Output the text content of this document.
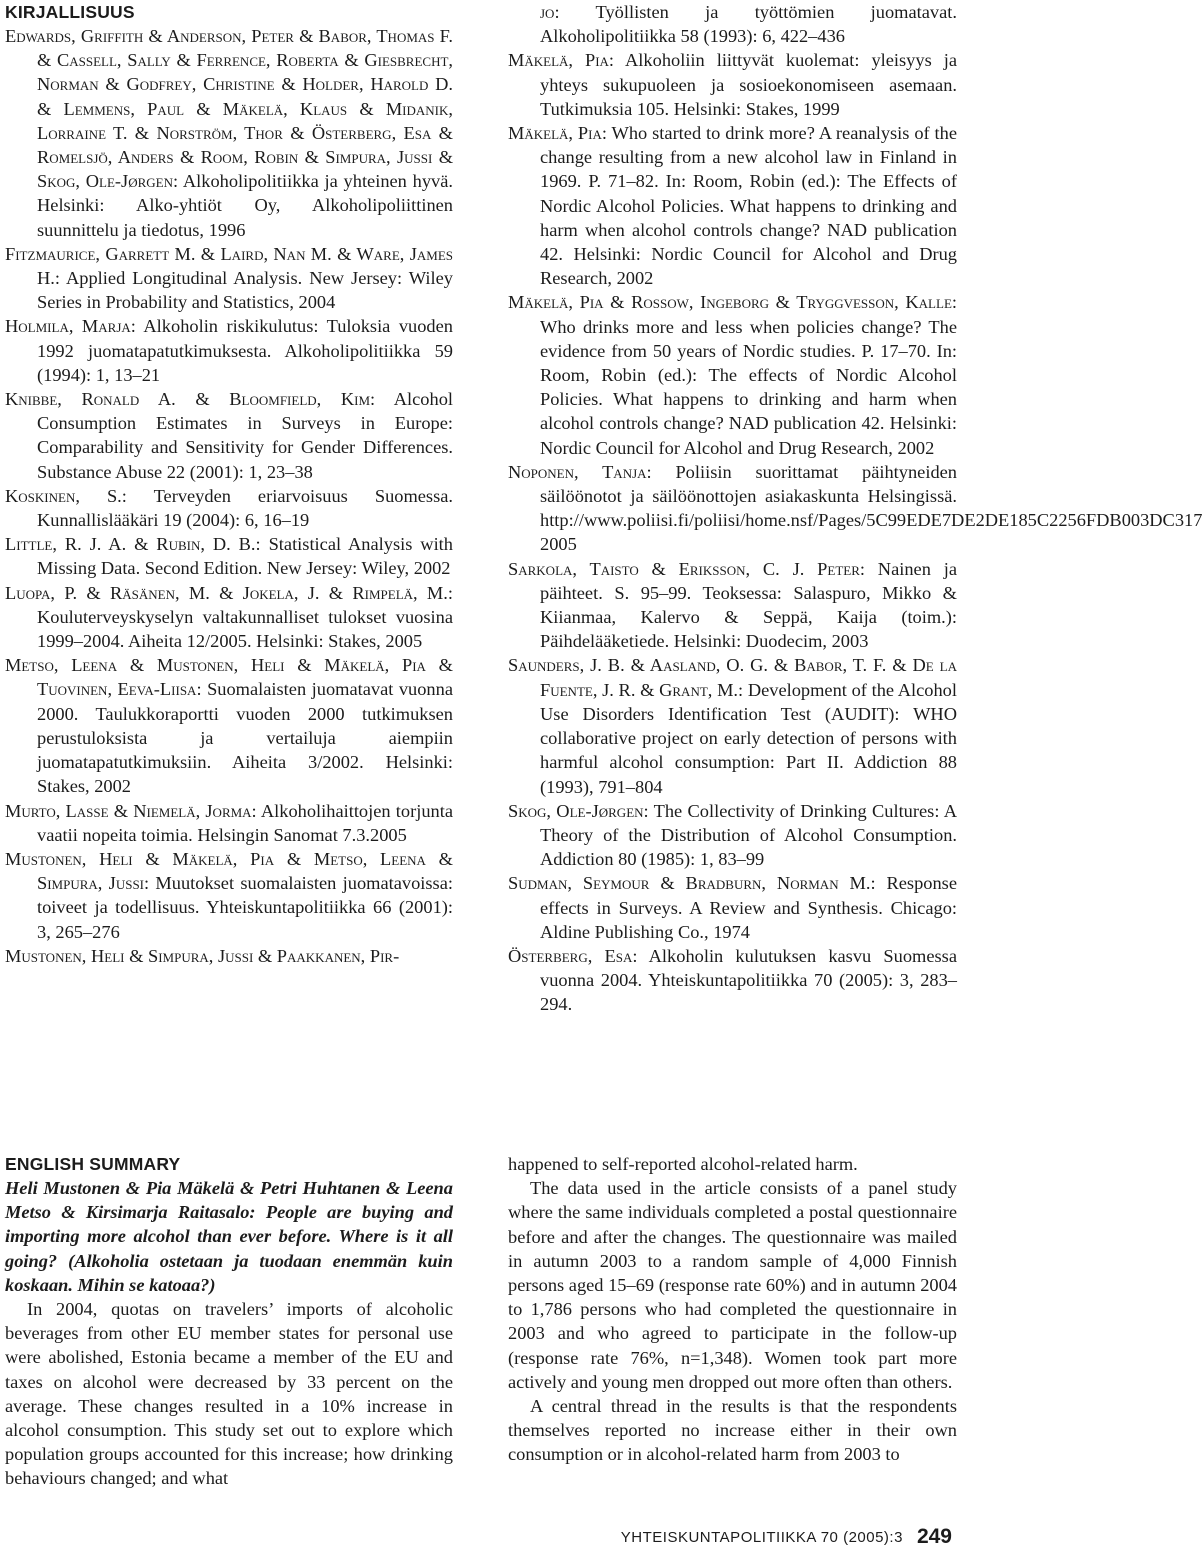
KIRJALLISUUS

Edwards, Griffith & Anderson, Peter & Babor, Thomas F. & Cassell, Sally & Ferrence, Roberta & Giesbrecht, Norman & Godfrey, Christine & Holder, Harold D. & Lemmens, Paul & Mäkelä, Klaus & Midanik, Lorraine T. & Norström, Thor & Österberg, Esa & Romelsjö, Anders & Room, Robin & Simpura, Jussi & Skog, Ole-Jørgen: Alkoholipolitiikka ja yhteinen hyvä. Helsinki: Alko-yhtiöt Oy, Alkoholipoliittinen suunnittelu ja tiedotus, 1996

Fitzmaurice, Garrett M. & Laird, Nan M. & Ware, James H.: Applied Longitudinal Analysis. New Jersey: Wiley Series in Probability and Statistics, 2004

Holmila, Marja: Alkoholin riskikulutus: Tuloksia vuoden 1992 juomatapatutkimuksesta. Alkoholipolitiikka 59 (1994): 1, 13–21

Knibbe, Ronald A. & Bloomfield, Kim: Alcohol Consumption Estimates in Surveys in Europe: Comparability and Sensitivity for Gender Differences. Substance Abuse 22 (2001): 1, 23–38

Koskinen, S.: Terveyden eriarvoisuus Suomessa. Kunnallislääkäri 19 (2004): 6, 16–19

Little, R. J. A. & Rubin, D. B.: Statistical Analysis with Missing Data. Second Edition. New Jersey: Wiley, 2002

Luopa, P. & Räsänen, M. & Jokela, J. & Rimpelä, M.: Kouluterveyskyselyn valtakunnalliset tulokset vuosina 1999–2004. Aiheita 12/2005. Helsinki: Stakes, 2005

Metso, Leena & Mustonen, Heli & Mäkelä, Pia & Tuovinen, Eeva-Liisa: Suomalaisten juomatavat vuonna 2000. Taulukkoraportti vuoden 2000 tutkimuksen perustuloksista ja vertailuja aiempiin juomatapatutkimuksiin. Aiheita 3/2002. Helsinki: Stakes, 2002

Murto, Lasse & Niemelä, Jorma: Alkoholihaittojen torjunta vaatii nopeita toimia. Helsingin Sanomat 7.3.2005

Mustonen, Heli & Mäkelä, Pia & Metso, Leena & Simpura, Jussi: Muutokset suomalaisten juomatavoissa: toiveet ja todellisuus. Yhteiskuntapolitiikka 66 (2001): 3, 265–276

Mustonen, Heli & Simpura, Jussi & Paakkanen, Pir-

jo: Työllisten ja työttömien juomatavat. Alkoholipolitiikka 58 (1993): 6, 422–436

Mäkelä, Pia: Alkoholiin liittyvät kuolemat: yleisyys ja yhteys sukupuoleen ja sosioekonomiseen asemaan. Tutkimuksia 105. Helsinki: Stakes, 1999

Mäkelä, Pia: Who started to drink more? A reanalysis of the change resulting from a new alcohol law in Finland in 1969. P. 71–82. In: Room, Robin (ed.): The Effects of Nordic Alcohol Policies. What happens to drinking and harm when alcohol controls change? NAD publication 42. Helsinki: Nordic Council for Alcohol and Drug Research, 2002

Mäkelä, Pia & Rossow, Ingeborg & Tryggvesson, Kalle: Who drinks more and less when policies change? The evidence from 50 years of Nordic studies. P. 17–70. In: Room, Robin (ed.): The effects of Nordic Alcohol Policies. What happens to drinking and harm when alcohol controls change? NAD publication 42. Helsinki: Nordic Council for Alcohol and Drug Research, 2002

Noponen, Tanja: Poliisin suorittamat päihtyneiden säilöönotot ja säilöönottojen asiakaskunta Helsingissä. http://www.poliisi.fi/poliisi/home.nsf/Pages/5C99EDE7DE2DE185C2256FDB003DC317 2005

Sarkola, Taisto & Eriksson, C. J. Peter: Nainen ja päihteet. S. 95–99. Teoksessa: Salaspuro, Mikko & Kiianmaa, Kalervo & Seppä, Kaija (toim.): Päihdelääketiede. Helsinki: Duodecim, 2003

Saunders, J. B. & Aasland, O. G. & Babor, T. F. & De la Fuente, J. R. & Grant, M.: Development of the Alcohol Use Disorders Identification Test (AUDIT): WHO collaborative project on early detection of persons with harmful alcohol consumption: Part II. Addiction 88 (1993), 791–804

Skog, Ole-Jørgen: The Collectivity of Drinking Cultures: A Theory of the Distribution of Alcohol Consumption. Addiction 80 (1985): 1, 83–99

Sudman, Seymour & Bradburn, Norman M.: Response effects in Surveys. A Review and Synthesis. Chicago: Aldine Publishing Co., 1974

Österberg, Esa: Alkoholin kulutuksen kasvu Suomessa vuonna 2004. Yhteiskuntapolitiikka 70 (2005): 3, 283–294.

ENGLISH SUMMARY

Heli Mustonen & Pia Mäkelä & Petri Huhtanen & Leena Metso & Kirsimarja Raitasalo: People are buying and importing more alcohol than ever before. Where is it all going? (Alkoholia ostetaan ja tuodaan enemmän kuin koskaan. Mihin se katoaa?)

In 2004, quotas on travelers’ imports of alcoholic beverages from other EU member states for personal use were abolished, Estonia became a member of the EU and taxes on alcohol were decreased by 33 percent on the average. These changes resulted in a 10% increase in alcohol consumption. This study set out to explore which population groups accounted for this increase; how drinking behaviours changed; and what

happened to self-reported alcohol-related harm.

The data used in the article consists of a panel study where the same individuals completed a postal questionnaire before and after the changes. The questionnaire was mailed in autumn 2003 to a random sample of 4,000 Finnish persons aged 15–69 (response rate 60%) and in autumn 2004 to 1,786 persons who had completed the questionnaire in 2003 and who agreed to participate in the follow-up (response rate 76%, n=1,348). Women took part more actively and young men dropped out more often than others.

A central thread in the results is that the respondents themselves reported no increase either in their own consumption or in alcohol-related harm from 2003 to

YHTEISKUNTAPOLITIIKKA 70 (2005):3 249
